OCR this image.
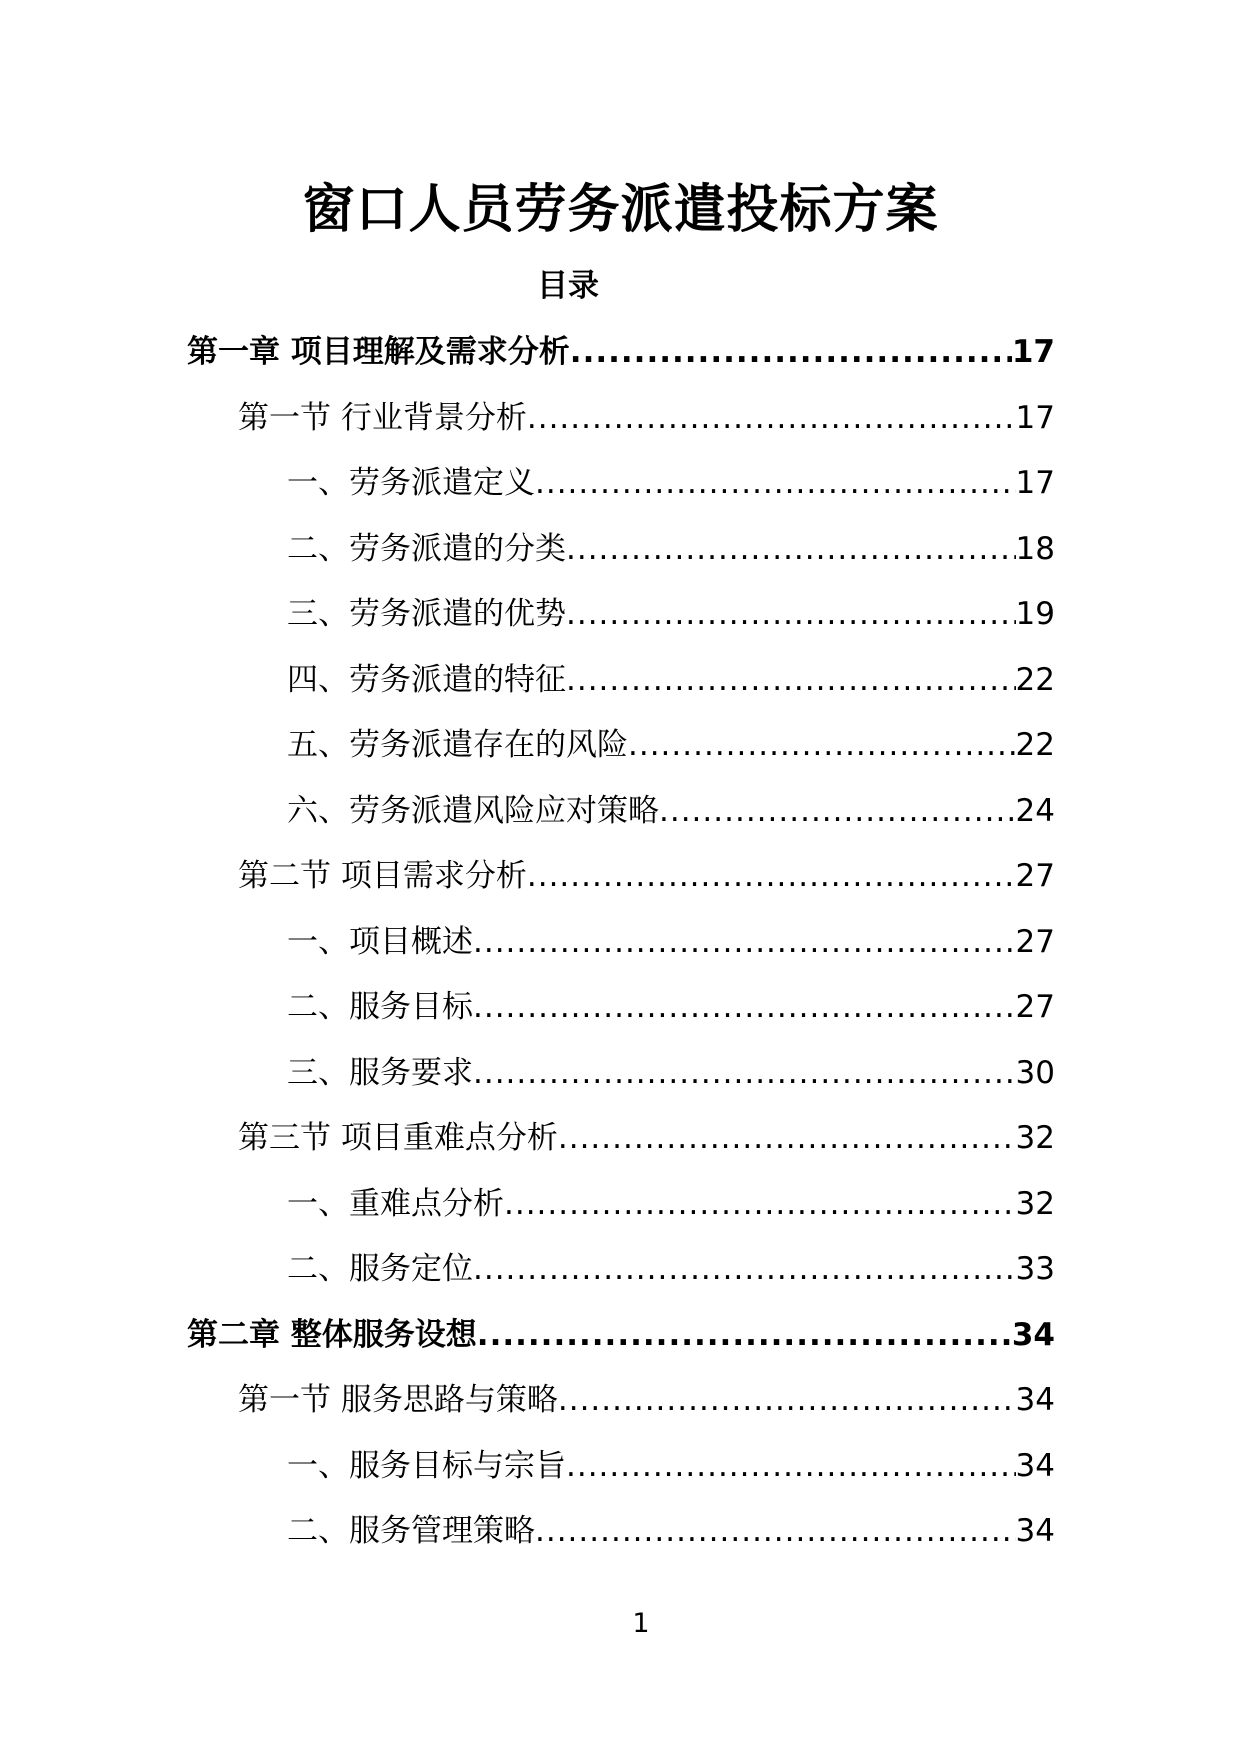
窗口人员劳务派遣投标方案
目录
第一章 项目理解及需求分析 .....	17
第一节 行业背景分析 .....	17
一、劳务派遣定义 .....	17
二、劳务派遣的分类 .....	18
三、劳务派遣的优势 .....	19
四、劳务派遣的特征 .....	22
五、劳务派遣存在的风险 .....	22
六、劳务派遣风险应对策略 .....	24
第二节 项目需求分析 .....	27
一、项目概述 .....	27
二、服务目标 .....	27
三、服务要求 .....	30
第三节 项目重难点分析 .....	32
一、重难点分析 .....	32
二、服务定位 .....	33
第二章 整体服务设想 .....	34
第一节 服务思路与策略 .....	34
一、服务目标与宗旨 .....	34
二、服务管理策略 .....	34
1
